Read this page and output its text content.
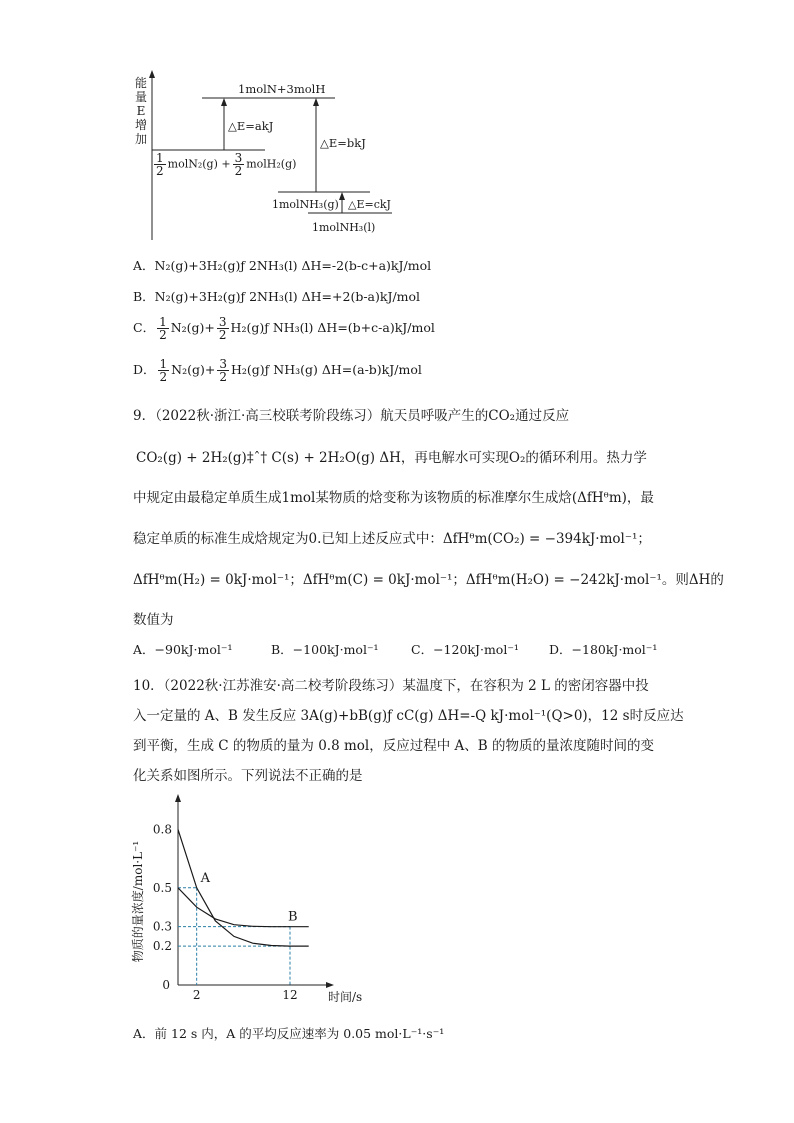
能
量
E
增
加
1molN+3molH
△E=akJ
△E=bkJ
$\frac{1}{2}$ molN₂(g) + $\frac{3}{2}$ molH₂(g)
1molNH₃(g) △E=ckJ
1molNH₃(l)
A．N₂(g)+3H₂(g)ƒ 2NH₃(l) ΔH=-2(b-c+a)kJ/mol
B．N₂(g)+3H₂(g)ƒ 2NH₃(l) ΔH=+2(b-a)kJ/mol
C． $\frac{1}{2} N_2(g)+ \frac{3}{2}$ H₂(g)ƒ NH₃(l) ΔH=(b+c-a)kJ/mol
D． $\frac{1}{2} N_2(g)+ \frac{3}{2}$ H₂(g)ƒ NH₃(g) ΔH=(a-b)kJ/mol
9．（2022秋·浙江·高三校联考阶段练习）航天员呼吸产生的CO₂通过反应
CO₂(g) + 2H₂(g)‡ˆ† C(s) + 2H₂O(g) ΔH，再电解水可实现O₂的循环利用。热力学
中规定由最稳定单质生成1mol某物质的焓变称为该物质的标准摩尔生成焓(ΔfHᶿm)，最
稳定单质的标准生成焓规定为0.已知上述反应式中：ΔfHᶿm(CO₂) = −394kJ·mol⁻¹；
ΔfHᶿm(H₂) = 0kJ·mol⁻¹；ΔfHᶿm(C) = 0kJ·mol⁻¹；ΔfHᶿm(H₂O) = −242kJ·mol⁻¹。则ΔH的
数值为
A．−90kJ·mol⁻¹	B．−100kJ·mol⁻¹	C．−120kJ·mol⁻¹ D．−180kJ·mol⁻¹
10．（2022秋·江苏淮安·高二校考阶段练习）某温度下，在容积为 2 L 的密闭容器中投
入一定量的 A、B 发生反应 3A(g)+bB(g)ƒ cC(g) ΔH=-Q kJ·mol⁻¹(Q>0)，12 s时反应达
到平衡，生成 C 的物质的量为 0.8 mol，反应过程中 A、B 的物质的量浓度随时间的变
化关系如图所示。下列说法不正确的是
0.8
0.5
0.3
0.2
2	12
0
时间/s
物质的量浓度/mol·L⁻¹	A
B
A．前 12 s 内，A 的平均反应速率为 0.05 mol·L⁻¹·s⁻¹
